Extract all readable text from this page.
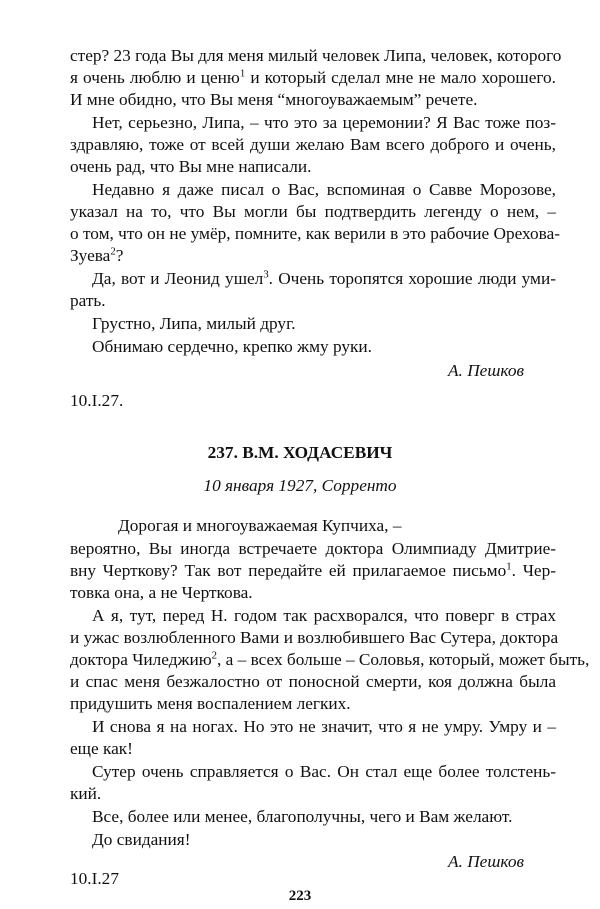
стер? 23 года Вы для меня милый человек Липа, человек, которого
я очень люблю и ценю$^1$ и который сделал мне не мало хорошего.
И мне обидно, что Вы меня “многоуважаемым” речете.
Нет, серьезно, Липа, – что это за церемонии? Я Вас тоже поз-
здравляю, тоже от всей души желаю Вам всего доброго и очень,
очень рад, что Вы мне написали.
Недавно я даже писал о Вас, вспоминая о Савве Морозове,
указал на то, что Вы могли бы подтвердить легенду о нем, –
о том, что он не умёр, помните, как верили в это рабочие Орехова-
Зуева$^2$?
Да, вот и Леонид ушел$^3$. Очень торопятся хорошие люди уми-
рать.
Грустно, Липа, милый друг.
Обнимаю сердечно, крепко жму руки.
А. Пешков
10.I.27.
237. В.М. ХОДАСЕВИЧ
10 января 1927, Сорренто
Дорогая и многоуважаемая Купчиха, –
вероятно, Вы иногда встречаете доктора Олимпиаду Дмитрие-
вну Черткову? Так вот передайте ей прилагаемое письмо$^1$. Чер-
товка она, а не Черткова.
А я, тут, перед Н. годом так расхворался, что поверг в страх
и ужас возлюбленного Вами и возлюбившего Вас Сутера, доктора
доктора Чиледжию$^2$, а – всех больше – Соловья, который, может быть,
и спас меня безжалостно от поносной смерти, коя должна была
придушить меня воспалением легких.
И снова я на ногах. Но это не значит, что я не умру. Умру и –
еще как!
Сутер очень справляется о Вас. Он стал еще более толстень-
кий.
Все, более или менее, благополучны, чего и Вам желают.
До свидания!
А. Пешков
10.I.27
223
